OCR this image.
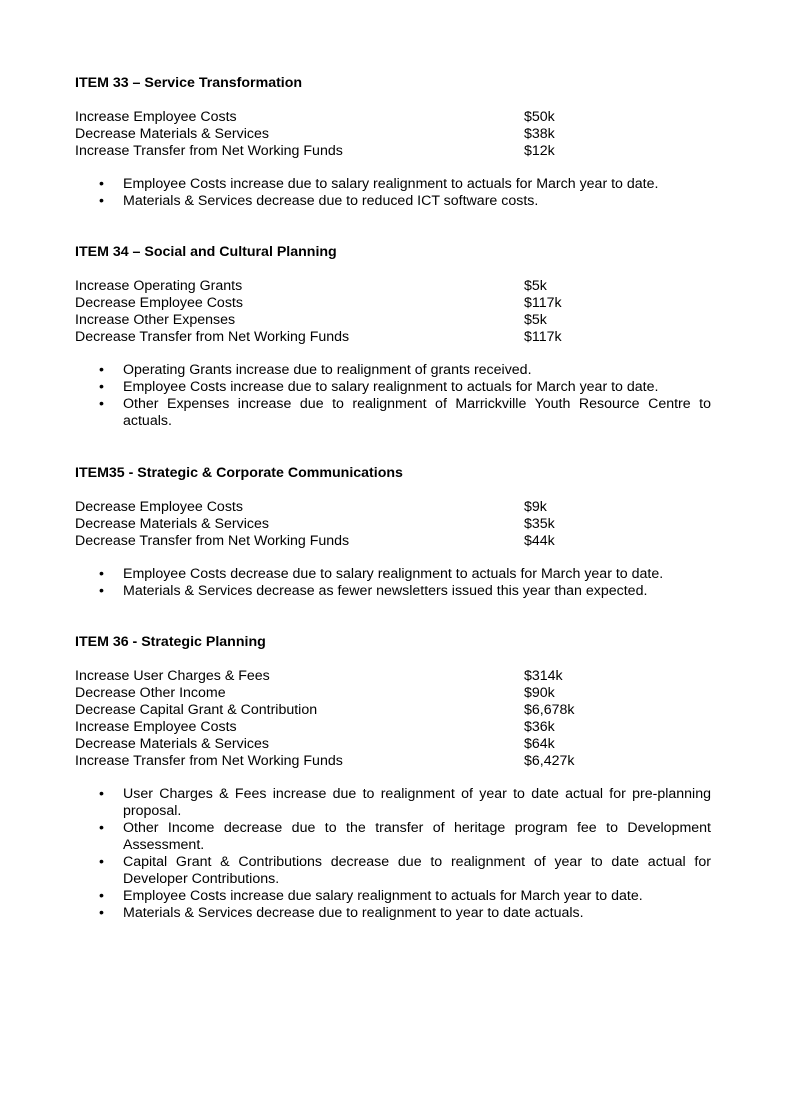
ITEM 33 – Service Transformation
Increase Employee Costs	$50k
Decrease Materials & Services	$38k
Increase Transfer from Net Working Funds	$12k
• Employee Costs increase due to salary realignment to actuals for March year to date.
• Materials & Services decrease due to reduced ICT software costs.
ITEM 34 – Social and Cultural Planning
Increase Operating Grants	$5k
Decrease Employee Costs	$117k
Increase Other Expenses	$5k
Decrease Transfer from Net Working Funds	$117k
• Operating Grants increase due to realignment of grants received.
• Employee Costs increase due to salary realignment to actuals for March year to date.
• Other Expenses increase due to realignment of Marrickville Youth Resource Centre to actuals.
ITEM35 - Strategic & Corporate Communications
Decrease Employee Costs	$9k
Decrease Materials & Services	$35k
Decrease Transfer from Net Working Funds	$44k
• Employee Costs decrease due to salary realignment to actuals for March year to date.
• Materials & Services decrease as fewer newsletters issued this year than expected.
ITEM 36 - Strategic Planning
Increase User Charges & Fees	$314k
Decrease Other Income	$90k
Decrease Capital Grant & Contribution	$6,678k
Increase Employee Costs	$36k
Decrease Materials & Services	$64k
Increase Transfer from Net Working Funds	$6,427k
• User Charges & Fees increase due to realignment of year to date actual for pre-planning proposal.
• Other Income decrease due to the transfer of heritage program fee to Development Assessment.
• Capital Grant & Contributions decrease due to realignment of year to date actual for Developer Contributions.
• Employee Costs increase due salary realignment to actuals for March year to date.
• Materials & Services decrease due to realignment to year to date actuals.
